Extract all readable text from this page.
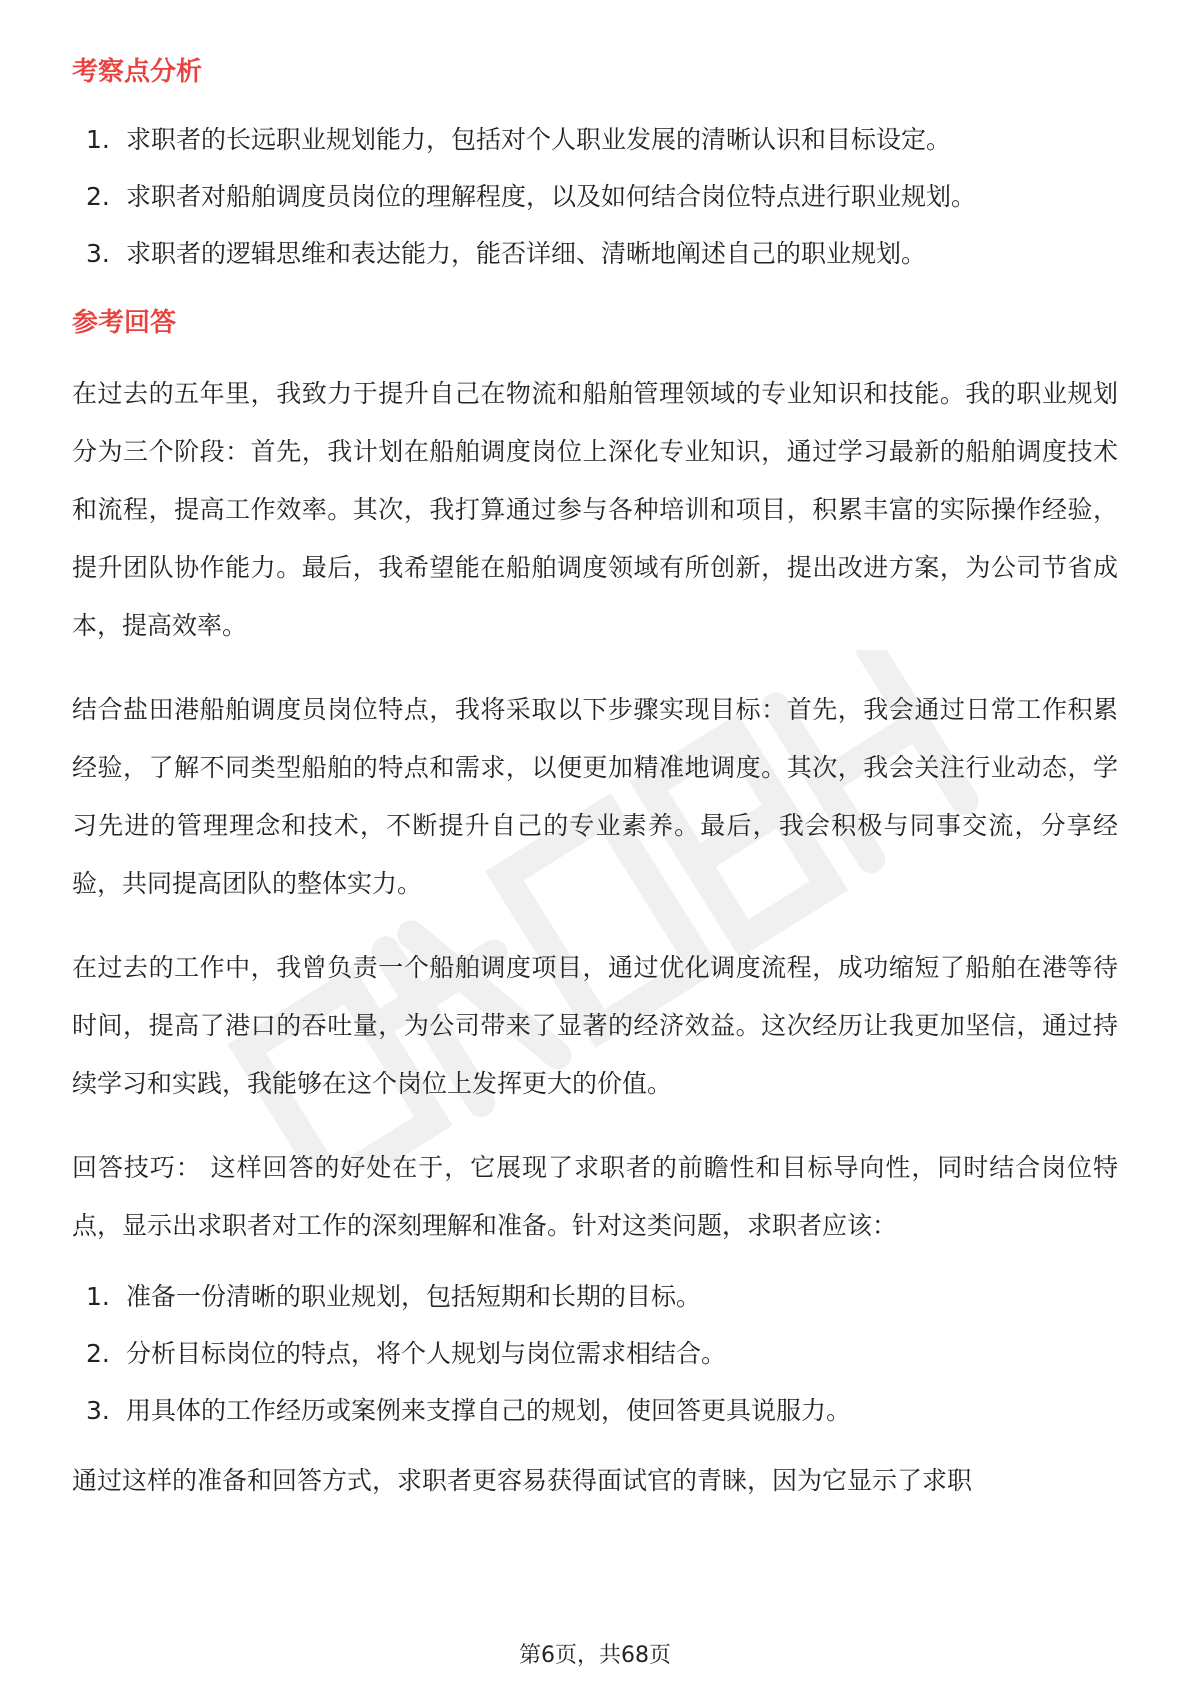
考察点分析
1. 求职者的长远职业规划能力，包括对个人职业发展的清晰认识和目标设定。
2. 求职者对船舶调度员岗位的理解程度，以及如何结合岗位特点进行职业规划。
3. 求职者的逻辑思维和表达能力，能否详细、清晰地阐述自己的职业规划。
参考回答

在过去的五年里，我致力于提升自己在物流和船舶管理领域的专业知识和技能。我的职业规划分为三个阶段：首先，我计划在船舶调度岗位上深化专业知识，通过学习最新的船舶调度技术和流程，提高工作效率。其次，我打算通过参与各种培训和项目，积累丰富的实际操作经验，提升团队协作能力。最后，我希望能在船舶调度领域有所创新，提出改进方案，为公司节省成本，提高效率。

结合盐田港船舶调度员岗位特点，我将采取以下步骤实现目标：首先，我会通过日常工作积累经验，了解不同类型船舶的特点和需求，以便更加精准地调度。其次，我会关注行业动态，学习先进的管理理念和技术，不断提升自己的专业素养。最后，我会积极与同事交流，分享经验，共同提高团队的整体实力。

在过去的工作中，我曾负责一个船舶调度项目，通过优化调度流程，成功缩短了船舶在港等待时间，提高了港口的吞吐量，为公司带来了显著的经济效益。这次经历让我更加坚信，通过持续学习和实践，我能够在这个岗位上发挥更大的价值。

回答技巧： 这样回答的好处在于，它展现了求职者的前瞻性和目标导向性，同时结合岗位特点，显示出求职者对工作的深刻理解和准备。针对这类问题，求职者应该：

1. 准备一份清晰的职业规划，包括短期和长期的目标。
2. 分析目标岗位的特点，将个人规划与岗位需求相结合。
3. 用具体的工作经历或案例来支撑自己的规划，使回答更具说服力。

通过这样的准备和回答方式，求职者更容易获得面试官的青睐，因为它显示了求职

第6页，共68页
